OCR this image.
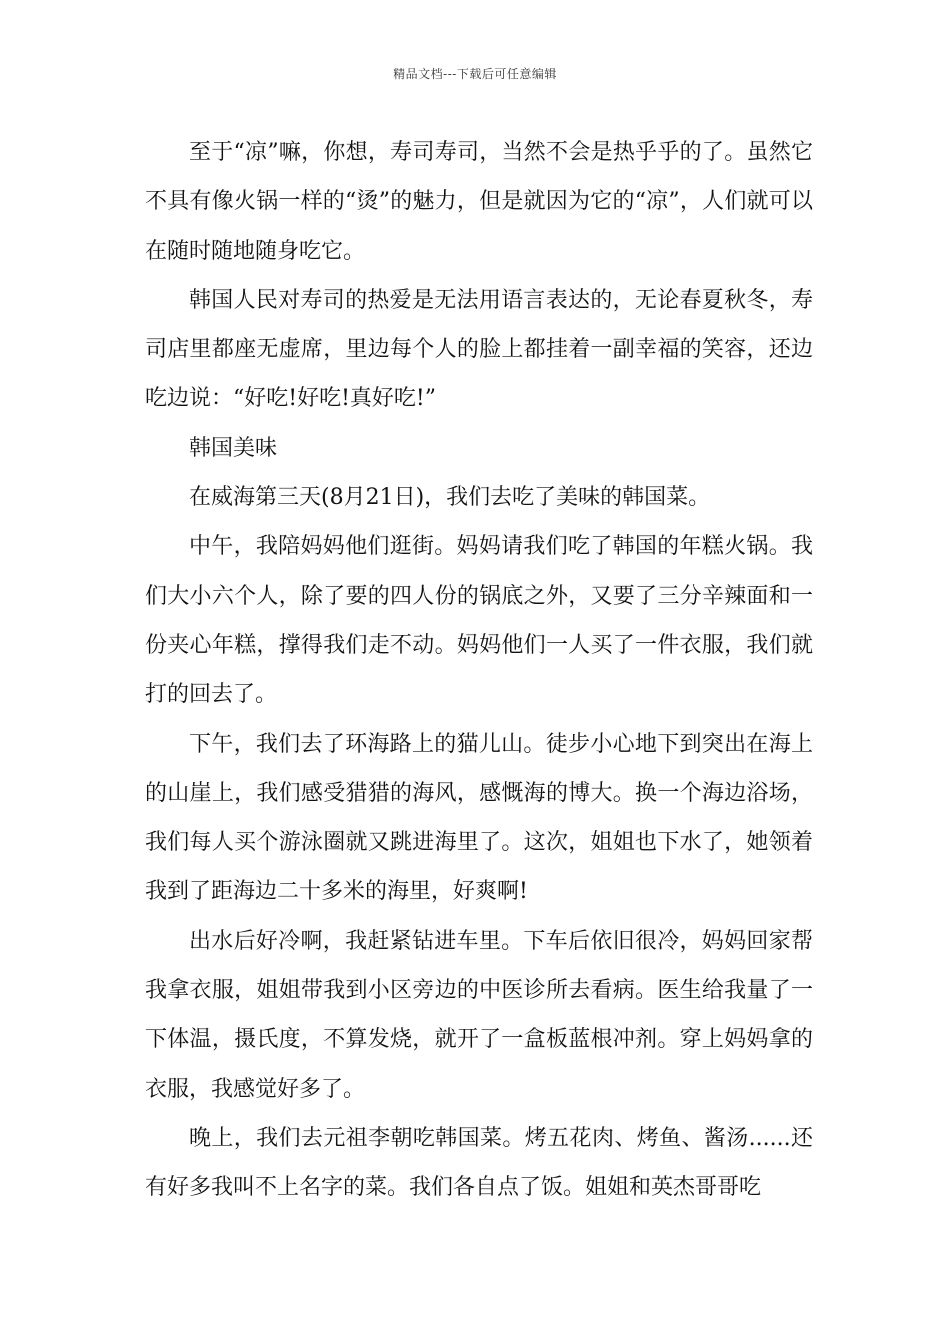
精品文档---下载后可任意编辑

至于“凉”嘛，你想，寿司寿司，当然不会是热乎乎的了。虽然它不具有像火锅一样的“烫”的魅力，但是就因为它的“凉”，人们就可以在随时随地随身吃它。

韩国人民对寿司的热爱是无法用语言表达的，无论春夏秋冬，寿司店里都座无虚席，里边每个人的脸上都挂着一副幸福的笑容，还边吃边说：“好吃!好吃!真好吃!”

韩国美味

在威海第三天(8月21日)，我们去吃了美味的韩国菜。

中午，我陪妈妈他们逛街。妈妈请我们吃了韩国的年糕火锅。我们大小六个人，除了要的四人份的锅底之外，又要了三分辛辣面和一份夹心年糕，撑得我们走不动。妈妈他们一人买了一件衣服，我们就打的回去了。

下午，我们去了环海路上的猫儿山。徒步小心地下到突出在海上的山崖上，我们感受猎猎的海风，感慨海的博大。换一个海边浴场，我们每人买个游泳圈就又跳进海里了。这次，姐姐也下水了，她领着我到了距海边二十多米的海里，好爽啊!

出水后好冷啊，我赶紧钻进车里。下车后依旧很冷，妈妈回家帮我拿衣服，姐姐带我到小区旁边的中医诊所去看病。医生给我量了一下体温，摄氏度，不算发烧，就开了一盒板蓝根冲剂。穿上妈妈拿的衣服，我感觉好多了。

晚上，我们去元祖李朝吃韩国菜。烤五花肉、烤鱼、酱汤......还有好多我叫不上名字的菜。我们各自点了饭。姐姐和英杰哥哥吃
